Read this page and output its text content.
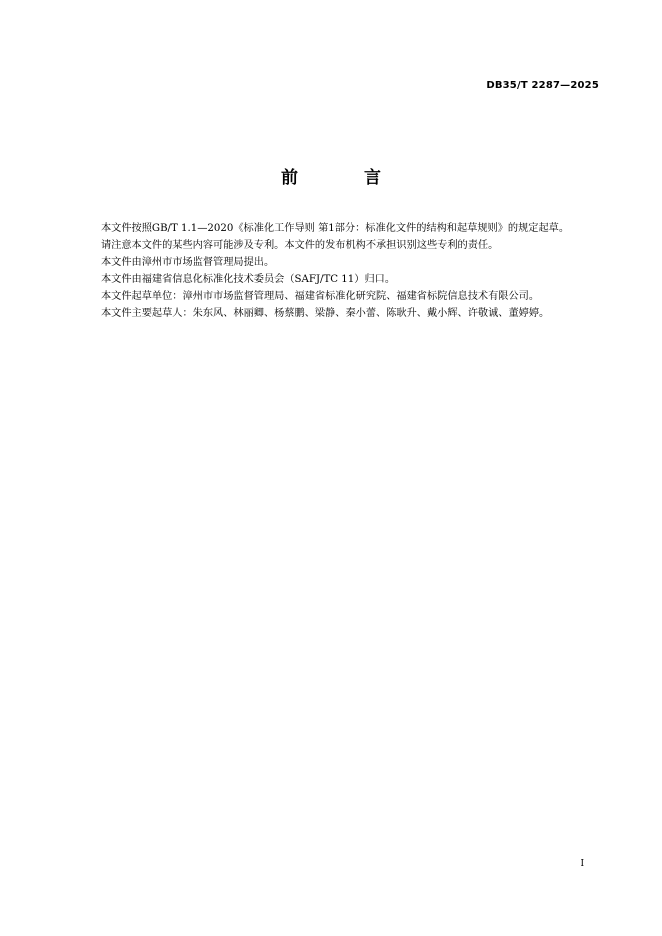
DB35/T 2287—2025
前 言

本文件按照GB/T 1.1—2020《标准化工作导则 第1部分：标准化文件的结构和起草规则》的规定起草。

请注意本文件的某些内容可能涉及专利。本文件的发布机构不承担识别这些专利的责任。

本文件由漳州市市场监督管理局提出。

本文件由福建省信息化标准化技术委员会（SAFJ/TC 11）归口。

本文件起草单位：漳州市市场监督管理局、福建省标准化研究院、福建省标院信息技术有限公司。

本文件主要起草人：朱东风、林丽卿、杨蔡鹏、梁静、秦小蕾、陈耿升、戴小辉、许敬诚、董婷婷。

I
